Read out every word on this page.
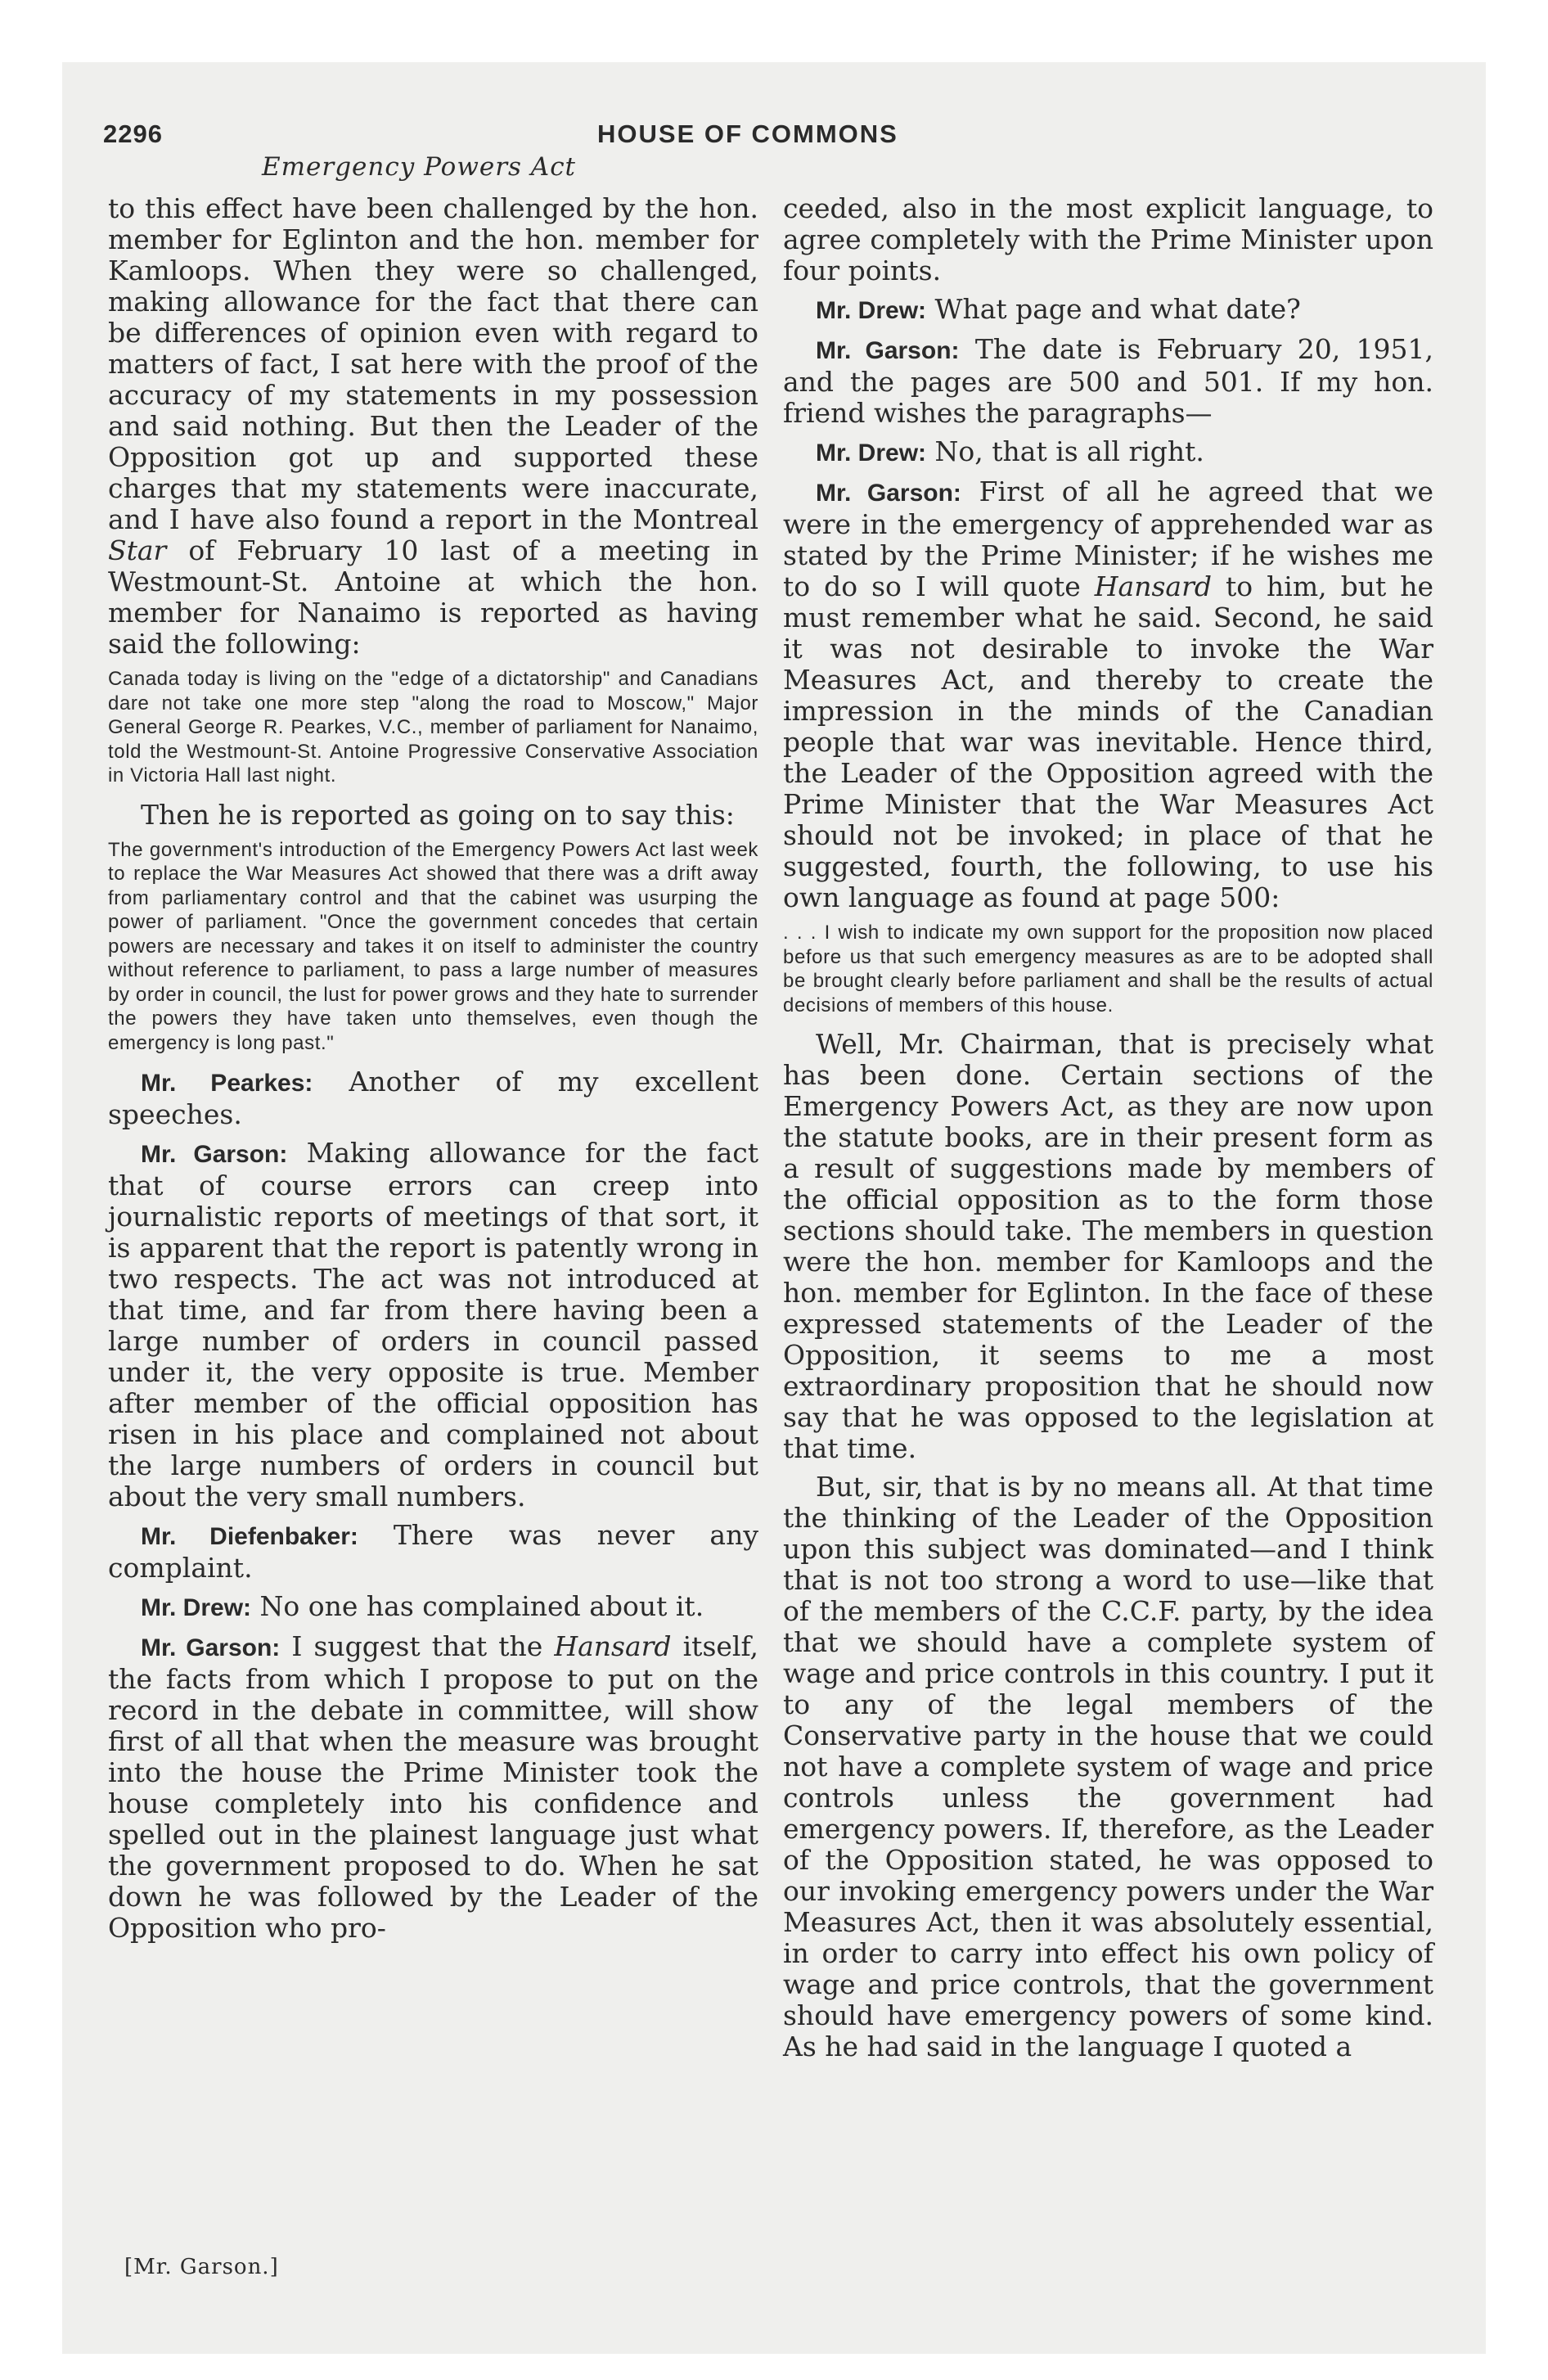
2296	HOUSE OF COMMONS
Emergency Powers Act

to this effect have been challenged by the hon. member for Eglinton and the hon. member for Kamloops. When they were so challenged, making allowance for the fact that there can be differences of opinion even with regard to matters of fact, I sat here with the proof of the accuracy of my statements in my possession and said nothing. But then the Leader of the Opposition got up and supported these charges that my statements were inaccurate, and I have also found a report in the Montreal Star of February 10 last of a meeting in Westmount-St. Antoine at which the hon. member for Nanaimo is reported as having said the following:

Canada today is living on the "edge of a dictatorship" and Canadians dare not take one more step "along the road to Moscow," Major General George R. Pearkes, V.C., member of parliament for Nanaimo, told the Westmount-St. Antoine Progressive Conservative Association in Victoria Hall last night.

Then he is reported as going on to say this:

The government's introduction of the Emergency Powers Act last week to replace the War Measures Act showed that there was a drift away from parliamentary control and that the cabinet was usurping the power of parliament. "Once the government concedes that certain powers are necessary and takes it on itself to administer the country without reference to parliament, to pass a large number of measures by order in council, the lust for power grows and they hate to surrender the powers they have taken unto themselves, even though the emergency is long past."

Mr. Pearkes: Another of my excellent speeches.

Mr. Garson: Making allowance for the fact that of course errors can creep into journalistic reports of meetings of that sort, it is apparent that the report is patently wrong in two respects. The act was not introduced at that time, and far from there having been a large number of orders in council passed under it, the very opposite is true. Member after member of the official opposition has risen in his place and complained not about the large numbers of orders in council but about the very small numbers.

Mr. Diefenbaker: There was never any complaint.

Mr. Drew: No one has complained about it.

Mr. Garson: I suggest that the Hansard itself, the facts from which I propose to put on the record in the debate in committee, will show first of all that when the measure was brought into the house the Prime Minister took the house completely into his confidence and spelled out in the plainest language just what the government proposed to do. When he sat down he was followed by the Leader of the Opposition who pro-

ceeded, also in the most explicit language, to agree completely with the Prime Minister upon four points.

Mr. Drew: What page and what date?

Mr. Garson: The date is February 20, 1951, and the pages are 500 and 501. If my hon. friend wishes the paragraphs—

Mr. Drew: No, that is all right.

Mr. Garson: First of all he agreed that we were in the emergency of apprehended war as stated by the Prime Minister; if he wishes me to do so I will quote Hansard to him, but he must remember what he said. Second, he said it was not desirable to invoke the War Measures Act, and thereby to create the impression in the minds of the Canadian people that war was inevitable. Hence third, the Leader of the Opposition agreed with the Prime Minister that the War Measures Act should not be invoked; in place of that he suggested, fourth, the following, to use his own language as found at page 500:

. . . I wish to indicate my own support for the proposition now placed before us that such emergency measures as are to be adopted shall be brought clearly before parliament and shall be the results of actual decisions of members of this house.

Well, Mr. Chairman, that is precisely what has been done. Certain sections of the Emergency Powers Act, as they are now upon the statute books, are in their present form as a result of suggestions made by members of the official opposition as to the form those sections should take. The members in question were the hon. member for Kamloops and the hon. member for Eglinton. In the face of these expressed statements of the Leader of the Opposition, it seems to me a most extraordinary proposition that he should now say that he was opposed to the legislation at that time.

But, sir, that is by no means all. At that time the thinking of the Leader of the Opposition upon this subject was dominated—and I think that is not too strong a word to use—like that of the members of the C.C.F. party, by the idea that we should have a complete system of wage and price controls in this country. I put it to any of the legal members of the Conservative party in the house that we could not have a complete system of wage and price controls unless the government had emergency powers. If, therefore, as the Leader of the Opposition stated, he was opposed to our invoking emergency powers under the War Measures Act, then it was absolutely essential, in order to carry into effect his own policy of wage and price controls, that the government should have emergency powers of some kind. As he had said in the language I quoted a

[Mr. Garson.]
